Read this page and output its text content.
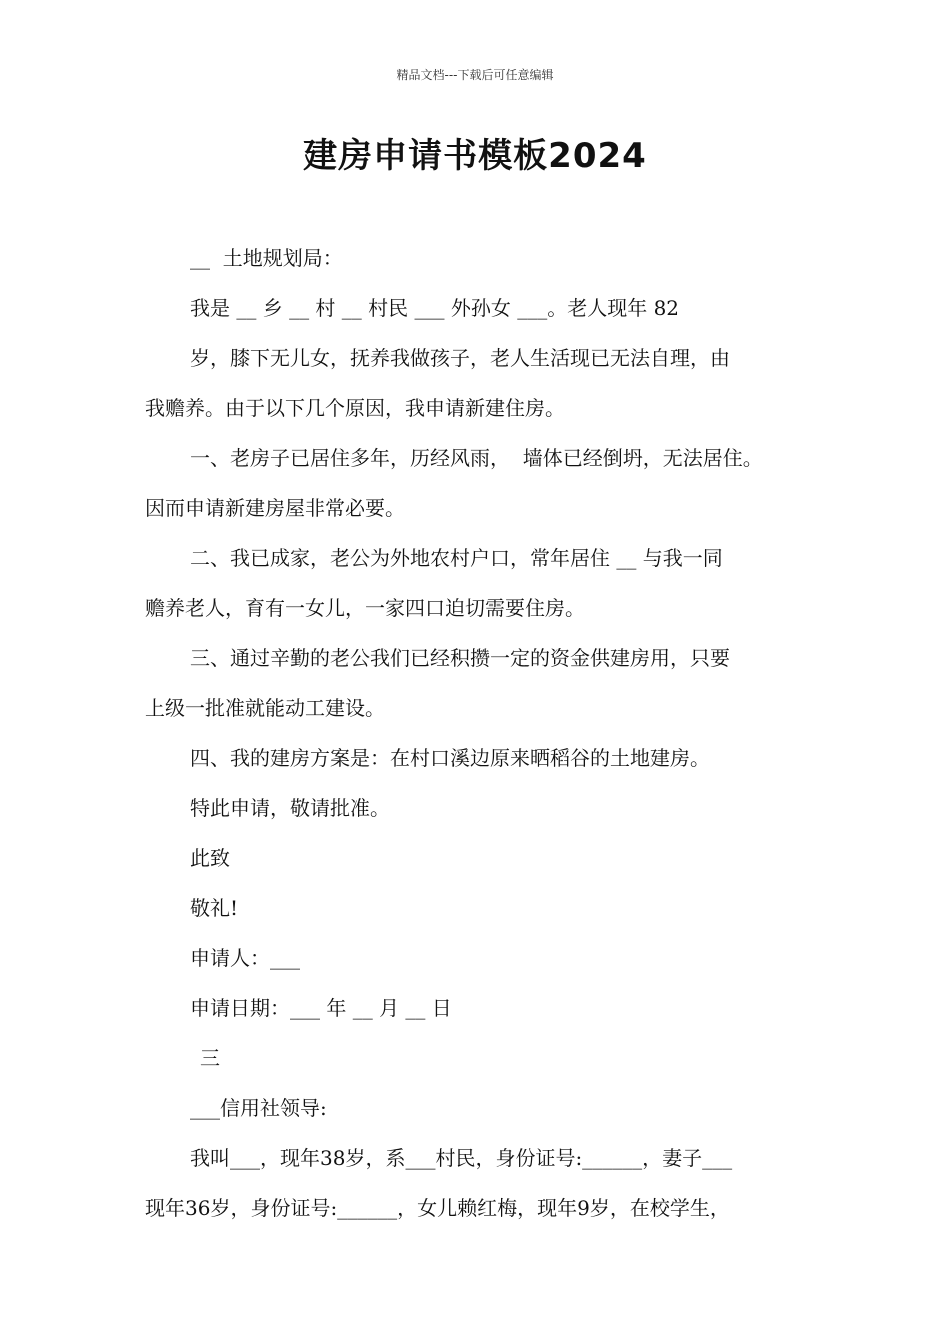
精品文档---下载后可任意编辑
建房申请书模板2024
__  土地规划局：
我是 __ 乡 __ 村 __ 村民 ___ 外孙女 ___。老人现年 82
岁，膝下无儿女，抚养我做孩子，老人生活现已无法自理，由
我赡养。由于以下几个原因，我申请新建住房。
一、老房子已居住多年，历经风雨，  墙体已经倒坍，无法居住。
因而申请新建房屋非常必要。
二、我已成家，老公为外地农村户口，常年居住 __ 与我一同
赡养老人，育有一女儿，一家四口迫切需要住房。
三、通过辛勤的老公我们已经积攒一定的资金供建房用，只要
上级一批准就能动工建设。
四、我的建房方案是：在村口溪边原来晒稻谷的土地建房。
特此申请，敬请批准。
此致
敬礼!
申请人：___
申请日期：___ 年 __ 月 __ 日
三
___信用社领导:
我叫___，现年38岁，系___村民，身份证号:______，妻子___
现年36岁，身份证号:______，女儿赖红梅，现年9岁，在校学生，
